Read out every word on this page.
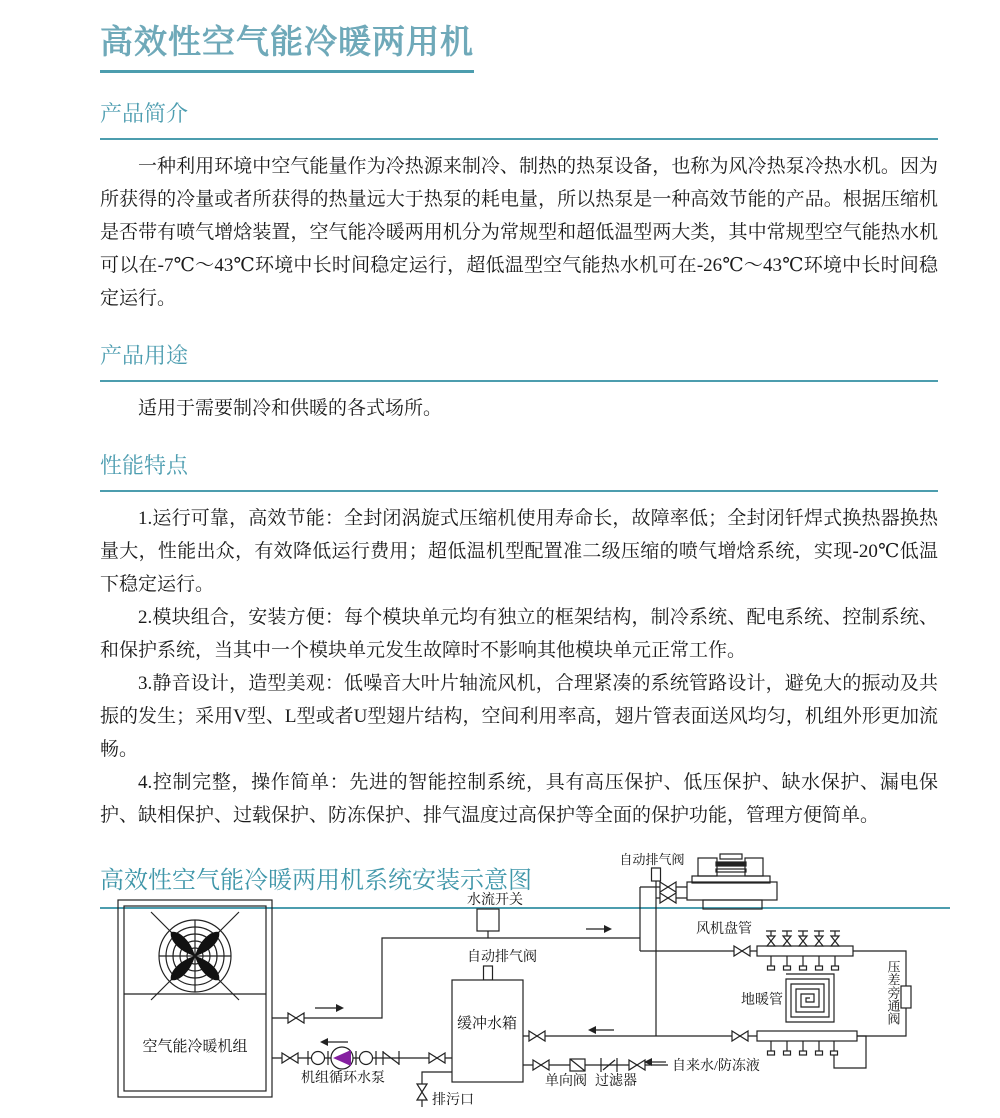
高效性空气能冷暖两用机
产品简介

一种利用环境中空气能量作为冷热源来制冷、制热的热泵设备，也称为风冷热泵冷热水机。因为所获得的冷量或者所获得的热量远大于热泵的耗电量，所以热泵是一种高效节能的产品。根据压缩机是否带有喷气增焓装置，空气能冷暖两用机分为常规型和超低温型两大类，其中常规型空气能热水机可以在-7℃～43℃环境中长时间稳定运行，超低温型空气能热水机可在-26℃～43℃环境中长时间稳定运行。

产品用途

适用于需要制冷和供暖的各式场所。

性能特点

1.运行可靠，高效节能：全封闭涡旋式压缩机使用寿命长，故障率低；全封闭钎焊式换热器换热量大，性能出众，有效降低运行费用；超低温机型配置准二级压缩的喷气增焓系统，实现-20℃低温下稳定运行。

2.模块组合，安装方便：每个模块单元均有独立的框架结构，制冷系统、配电系统、控制系统、和保护系统，当其中一个模块单元发生故障时不影响其他模块单元正常工作。

3.静音设计，造型美观：低噪音大叶片轴流风机，合理紧凑的系统管路设计，避免大的振动及共振的发生；采用V型、L型或者U型翅片结构，空间利用率高，翅片管表面送风均匀，机组外形更加流畅。

4.控制完整，操作简单：先进的智能控制系统，具有高压保护、低压保护、缺水保护、漏电保护、缺相保护、过载保护、防冻保护、排气温度过高保护等全面的保护功能，管理方便简单。

高效性空气能冷暖两用机系统安装示意图
自动排气阀
水流开关
自动排气阀
风机盘管
缓冲水箱
地暖管	压差旁通阀
空气能冷暖机组
机组循环水泵	单向阀 过滤器
自来水/防冻液
排污口
